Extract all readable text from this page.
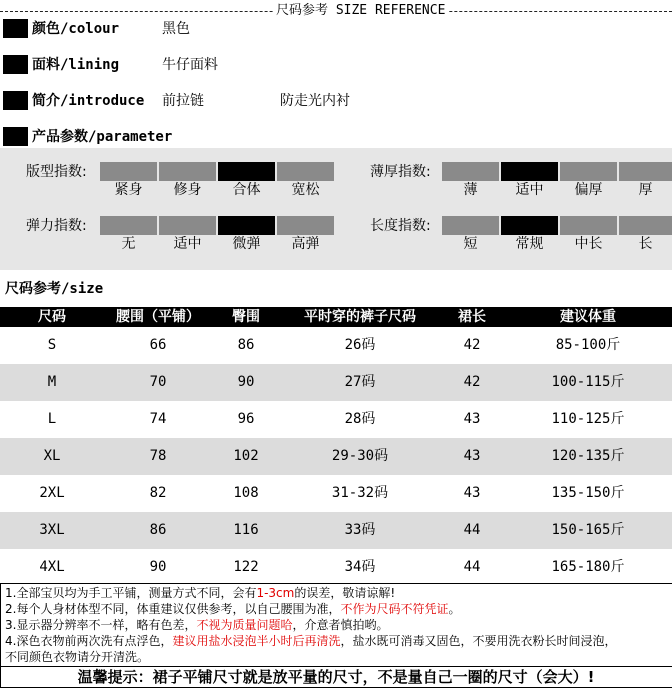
尺码参考 SIZE REFERENCE
颜色/colour	黑色
面料/lining	牛仔面料
简介/introduce 前拉链	防走光内衬
产品参数/parameter
版型指数:
紧身	修身	合体	宽松
薄厚指数:
薄	适中	偏厚	厚
弹力指数:
无	适中	微弹	高弹
长度指数:
短	常规	中长	长
尺码参考/size
尺码	腰围（平铺）	臀围	平时穿的裤子尺码	裙长	建议体重
S	66	86	26码	42	85-100斤
M	70	90	27码	42	100-115斤
L	74	96	28码	43	110-125斤
XL	78	102	29-30码	43	120-135斤
2XL	82	108	31-32码	43	135-150斤
3XL	86	116	33码	44	150-165斤
4XL	90	122	34码	44	165-180斤
1.全部宝贝均为手工平铺，测量方式不同，会有1-3cm的误差，敬请谅解!
2.每个人身材体型不同，体重建议仅供参考，以自己腰围为准，不作为尺码不符凭证。
3.显示器分辨率不一样，略有色差，不视为质量问题哈，介意者慎拍哟。
4.深色衣物前两次洗有点浮色，建议用盐水浸泡半小时后再清洗，盐水既可消毒又固色，不要用洗衣粉长时间浸泡，
不同颜色衣物请分开清洗。
温馨提示：裙子平铺尺寸就是放平量的尺寸，不是量自己一圈的尺寸（会大）!
